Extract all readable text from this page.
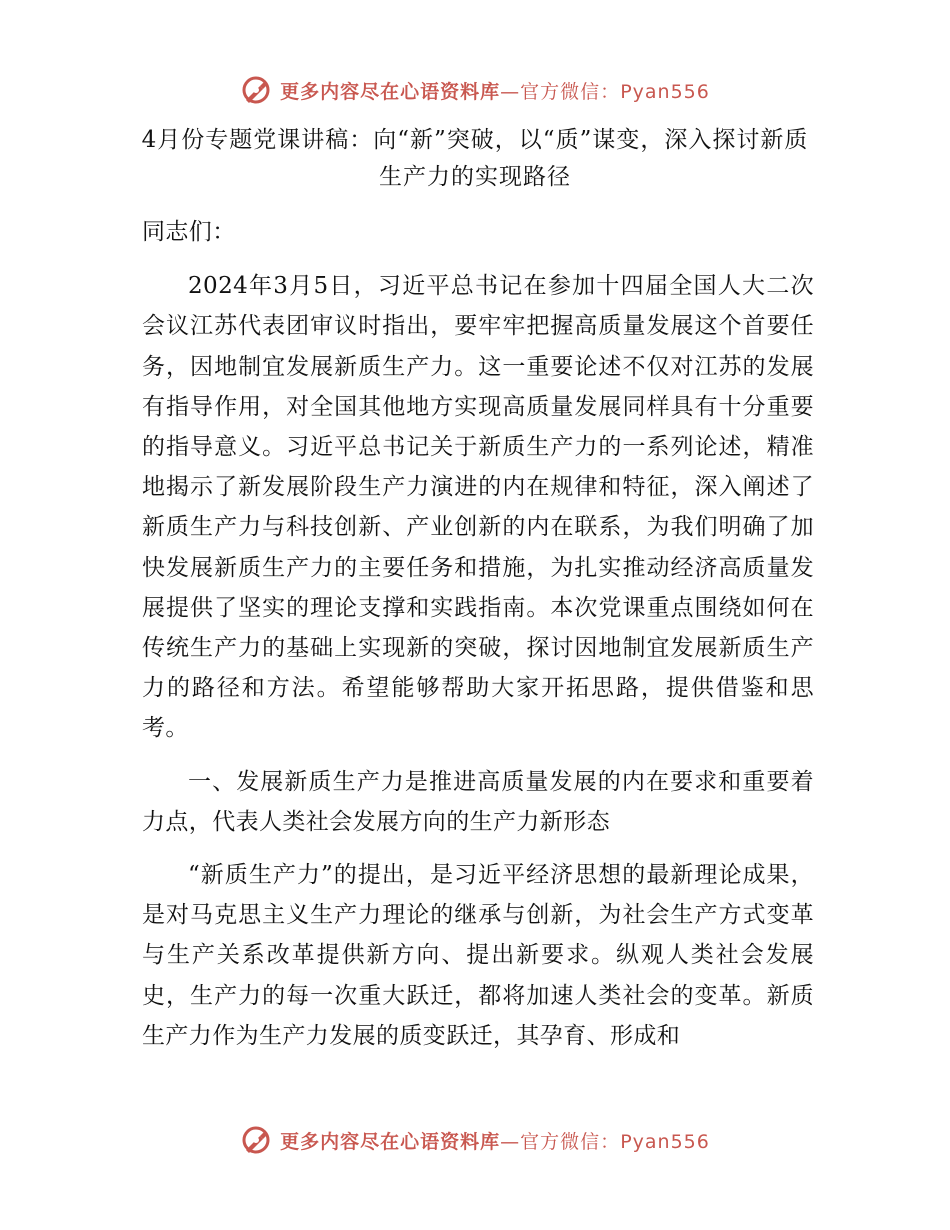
更多内容尽在心语资料库—官方微信：Pyan556
4月份专题党课讲稿：向“新”突破，以“质”谋变，深入探讨新质生产力的实现路径

同志们：

2024年3月5日，习近平总书记在参加十四届全国人大二次会议江苏代表团审议时指出，要牢牢把握高质量发展这个首要任务，因地制宜发展新质生产力。这一重要论述不仅对江苏的发展有指导作用，对全国其他地方实现高质量发展同样具有十分重要的指导意义。习近平总书记关于新质生产力的一系列论述，精准地揭示了新发展阶段生产力演进的内在规律和特征，深入阐述了新质生产力与科技创新、产业创新的内在联系，为我们明确了加快发展新质生产力的主要任务和措施，为扎实推动经济高质量发展提供了坚实的理论支撑和实践指南。本次党课重点围绕如何在传统生产力的基础上实现新的突破，探讨因地制宜发展新质生产力的路径和方法。希望能够帮助大家开拓思路，提供借鉴和思考。

一、发展新质生产力是推进高质量发展的内在要求和重要着力点，代表人类社会发展方向的生产力新形态

“新质生产力”的提出，是习近平经济思想的最新理论成果，是对马克思主义生产力理论的继承与创新，为社会生产方式变革与生产关系改革提供新方向、提出新要求。纵观人类社会发展史，生产力的每一次重大跃迁，都将加速人类社会的变革。新质生产力作为生产力发展的质变跃迁，其孕育、形成和

更多内容尽在心语资料库—官方微信：Pyan556
